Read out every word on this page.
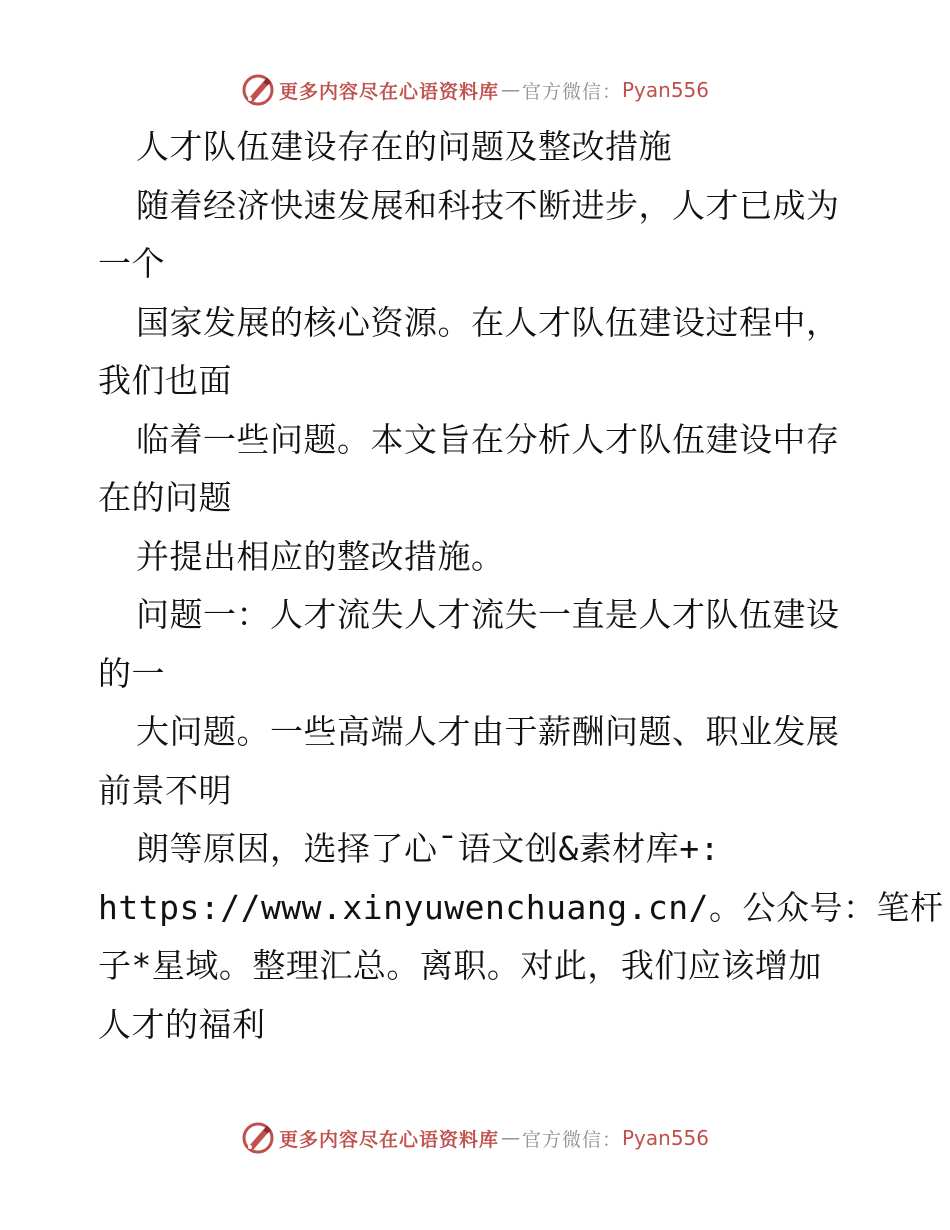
更多内容尽在心语资料库 — 官方微信： Pyan556
人才队伍建设存在的问题及整改措施
随着经济快速发展和科技不断进步，人才已成为
一个
国家发展的核心资源。在人才队伍建设过程中，
我们也面
临着一些问题。本文旨在分析人才队伍建设中存
在的问题
并提出相应的整改措施。
问题一：人才流失人才流失一直是人才队伍建设
的一
大问题。一些高端人才由于薪酬问题、职业发展
前景不明
朗等原因，选择了心¯语文创&素材库+:
https://www.xinyuwenchuang.cn/。公众号：笔杆
子*星域。整理汇总。离职。对此，我们应该增加
人才的福利
更多内容尽在心语资料库 — 官方微信： Pyan556
